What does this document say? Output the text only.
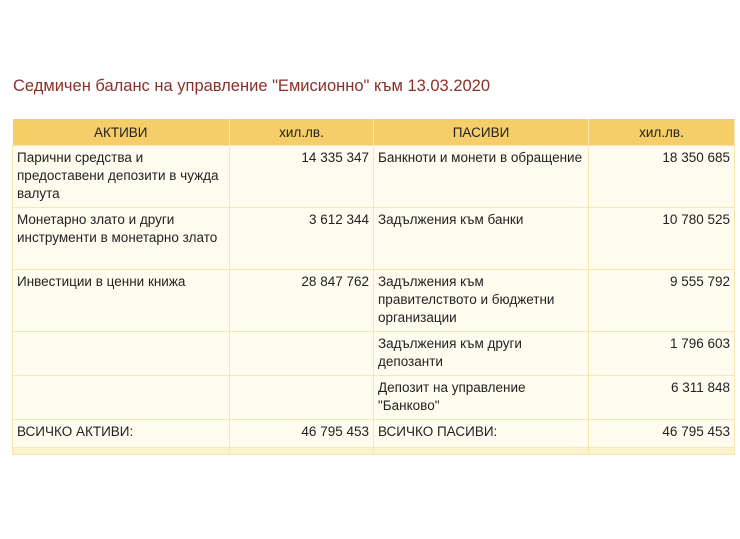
Седмичен баланс на управление "Емисионно" към 13.03.2020
АКТИВИ	хил.лв.	ПАСИВИ	хил.лв.
Парични средства и предоставени депозити в чужда валута	14 335 347	Банкноти и монети в обращение	18 350 685
Монетарно злато и други инструменти в монетарно злато	3 612 344	Задължения към банки	10 780 525
Инвестиции в ценни книжа	28 847 762	Задължения към правителството и бюджетни организации	9 555 792
		Задължения към други депозанти	1 796 603
		Депозит на управление "Банково"	6 311 848
ВСИЧКО АКТИВИ:	46 795 453	ВСИЧКО ПАСИВИ:	46 795 453
